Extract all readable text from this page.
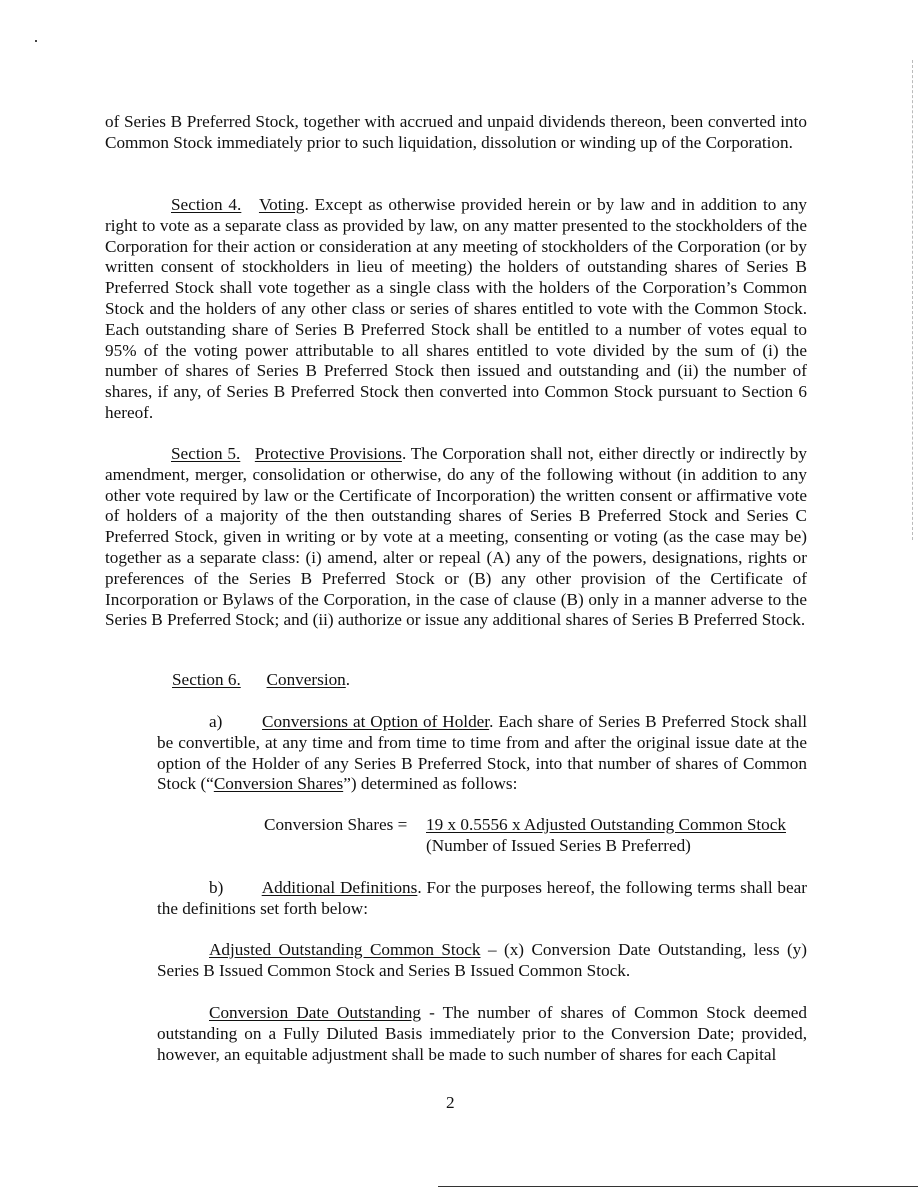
of Series B Preferred Stock, together with accrued and unpaid dividends thereon, been converted into Common Stock immediately prior to such liquidation, dissolution or winding up of the Corporation.

Section 4. Voting. Except as otherwise provided herein or by law and in addition to any right to vote as a separate class as provided by law, on any matter presented to the stockholders of the Corporation for their action or consideration at any meeting of stockholders of the Corporation (or by written consent of stockholders in lieu of meeting) the holders of outstanding shares of Series B Preferred Stock shall vote together as a single class with the holders of the Corporation’s Common Stock and the holders of any other class or series of shares entitled to vote with the Common Stock. Each outstanding share of Series B Preferred Stock shall be entitled to a number of votes equal to 95% of the voting power attributable to all shares entitled to vote divided by the sum of (i) the number of shares of Series B Preferred Stock then issued and outstanding and (ii) the number of shares, if any, of Series B Preferred Stock then converted into Common Stock pursuant to Section 6 hereof.

Section 5. Protective Provisions. The Corporation shall not, either directly or indirectly by amendment, merger, consolidation or otherwise, do any of the following without (in addition to any other vote required by law or the Certificate of Incorporation) the written consent or affirmative vote of holders of a majority of the then outstanding shares of Series B Preferred Stock and Series C Preferred Stock, given in writing or by vote at a meeting, consenting or voting (as the case may be) together as a separate class: (i) amend, alter or repeal (A) any of the powers, designations, rights or preferences of the Series B Preferred Stock or (B) any other provision of the Certificate of Incorporation or Bylaws of the Corporation, in the case of clause (B) only in a manner adverse to the Series B Preferred Stock; and (ii) authorize or issue any additional shares of Series B Preferred Stock.

Section 6. Conversion.

a) Conversions at Option of Holder. Each share of Series B Preferred Stock shall be convertible, at any time and from time to time from and after the original issue date at the option of the Holder of any Series B Preferred Stock, into that number of shares of Common Stock (“Conversion Shares”) determined as follows:

Conversion Shares = 19 x 0.5556 x Adjusted Outstanding Common Stock
(Number of Issued Series B Preferred)

b) Additional Definitions. For the purposes hereof, the following terms shall bear the definitions set forth below:

Adjusted Outstanding Common Stock – (x) Conversion Date Outstanding, less (y) Series B Issued Common Stock and Series B Issued Common Stock.

Conversion Date Outstanding - The number of shares of Common Stock deemed outstanding on a Fully Diluted Basis immediately prior to the Conversion Date; provided, however, an equitable adjustment shall be made to such number of shares for each Capital

2
